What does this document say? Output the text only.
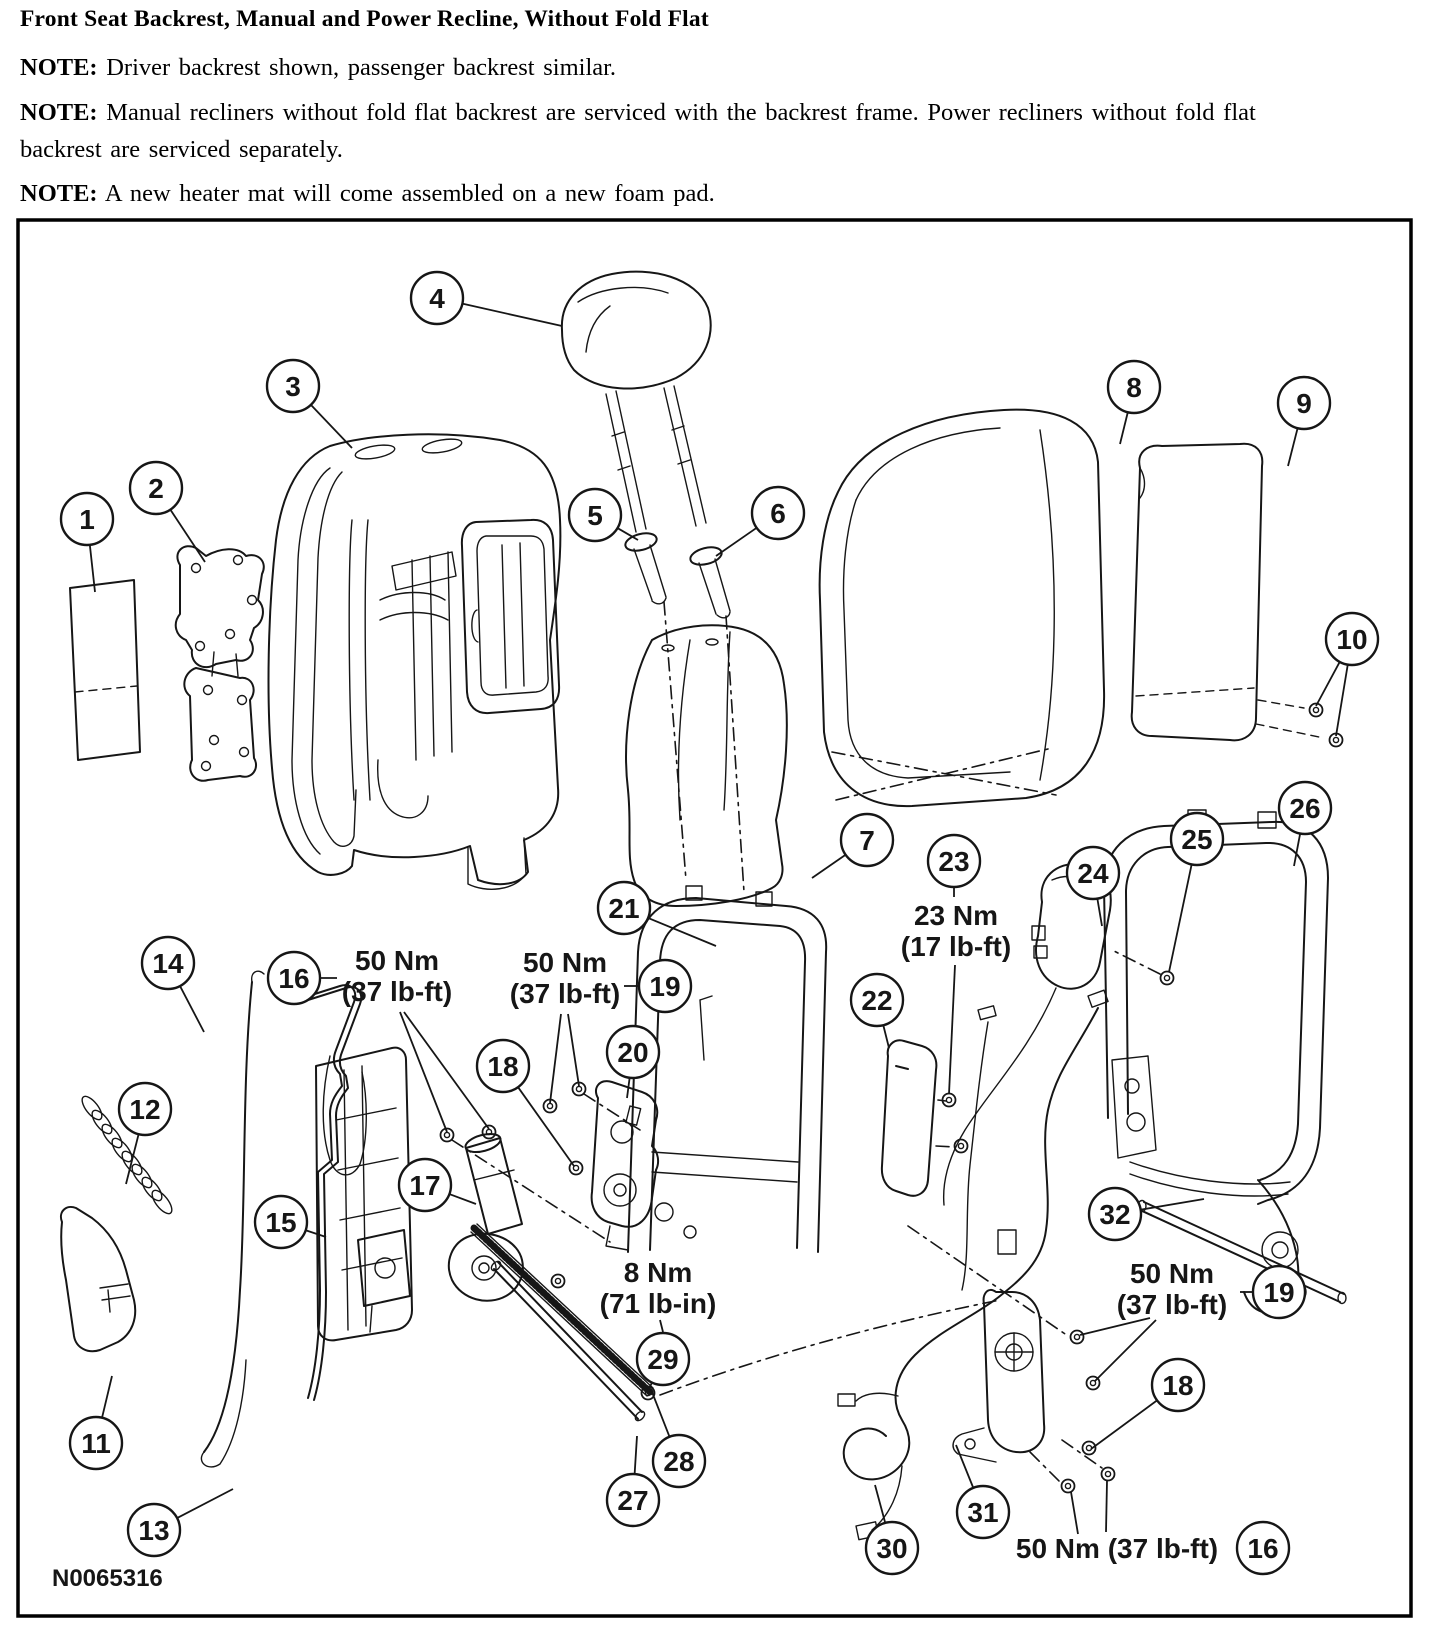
Front Seat Backrest, Manual and Power Recline, Without Fold Flat
NOTE: Driver backrest shown, passenger backrest similar.
NOTE: Manual recliners without fold flat backrest are serviced with the backrest frame. Power recliners without fold flat backrest are serviced separately.
NOTE: A new heater mat will come assembled on a new foam pad.
50 Nm (37 lb-ft)
50 Nm (37 lb-ft)
23 Nm (17 lb-ft)
8 Nm (71 lb-in)
50 Nm (37 lb-ft)
50 Nm (37 lb-ft)
1
2
3
4
5	6
7
8
9
10
11
12
13
14
15
16
17
18
19
20
21
22
23	24
25
26
27
28
29
30
31
32
18
19
16
N0065316
